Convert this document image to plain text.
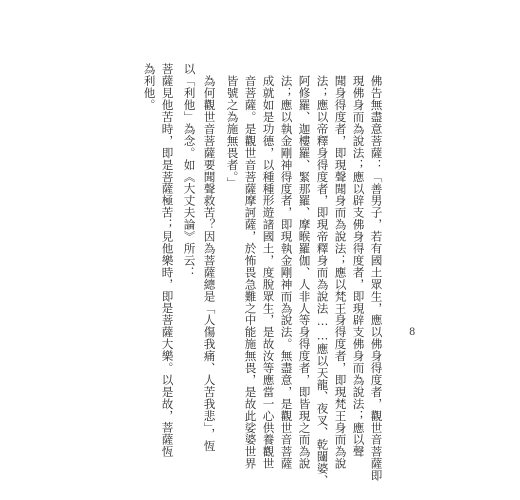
佛告無盡意菩薩：「善男子，若有國土眾生，應以佛身得度者，觀世音菩薩即
現佛身而為說法；應以辟支佛身得度者，即現辟支佛身而為說法；應以聲
聞身得度者，即現聲聞身而為說法；應以梵王身得度者，即現梵王身而為說
法；應以帝釋身得度者，即現帝釋身而為說法……應以天龍、夜叉、乾闥婆、
阿修羅、迦樓羅、緊那羅、摩睺羅伽、人非人等身得度者，即皆現之而為說
法；應以執金剛神得度者，即現執金剛神而為說法。無盡意，是觀世音菩薩
成就如是功德，以種種形遊諸國土，度脫眾生，是故汝等應當一心供養觀世
音菩薩。是觀世音菩薩摩訶薩，於怖畏急難之中能施無畏，是故此娑婆世界
皆號之為施無畏者。」
為何觀世音菩薩要聞聲救苦？因為菩薩總是「人傷我痛、人苦我悲」，恆
以「利他」為念。如《大丈夫論》所云：
菩薩見他苦時，即是菩薩極苦；見他樂時，即是菩薩大樂。以是故，菩薩恆
為利他。
8
